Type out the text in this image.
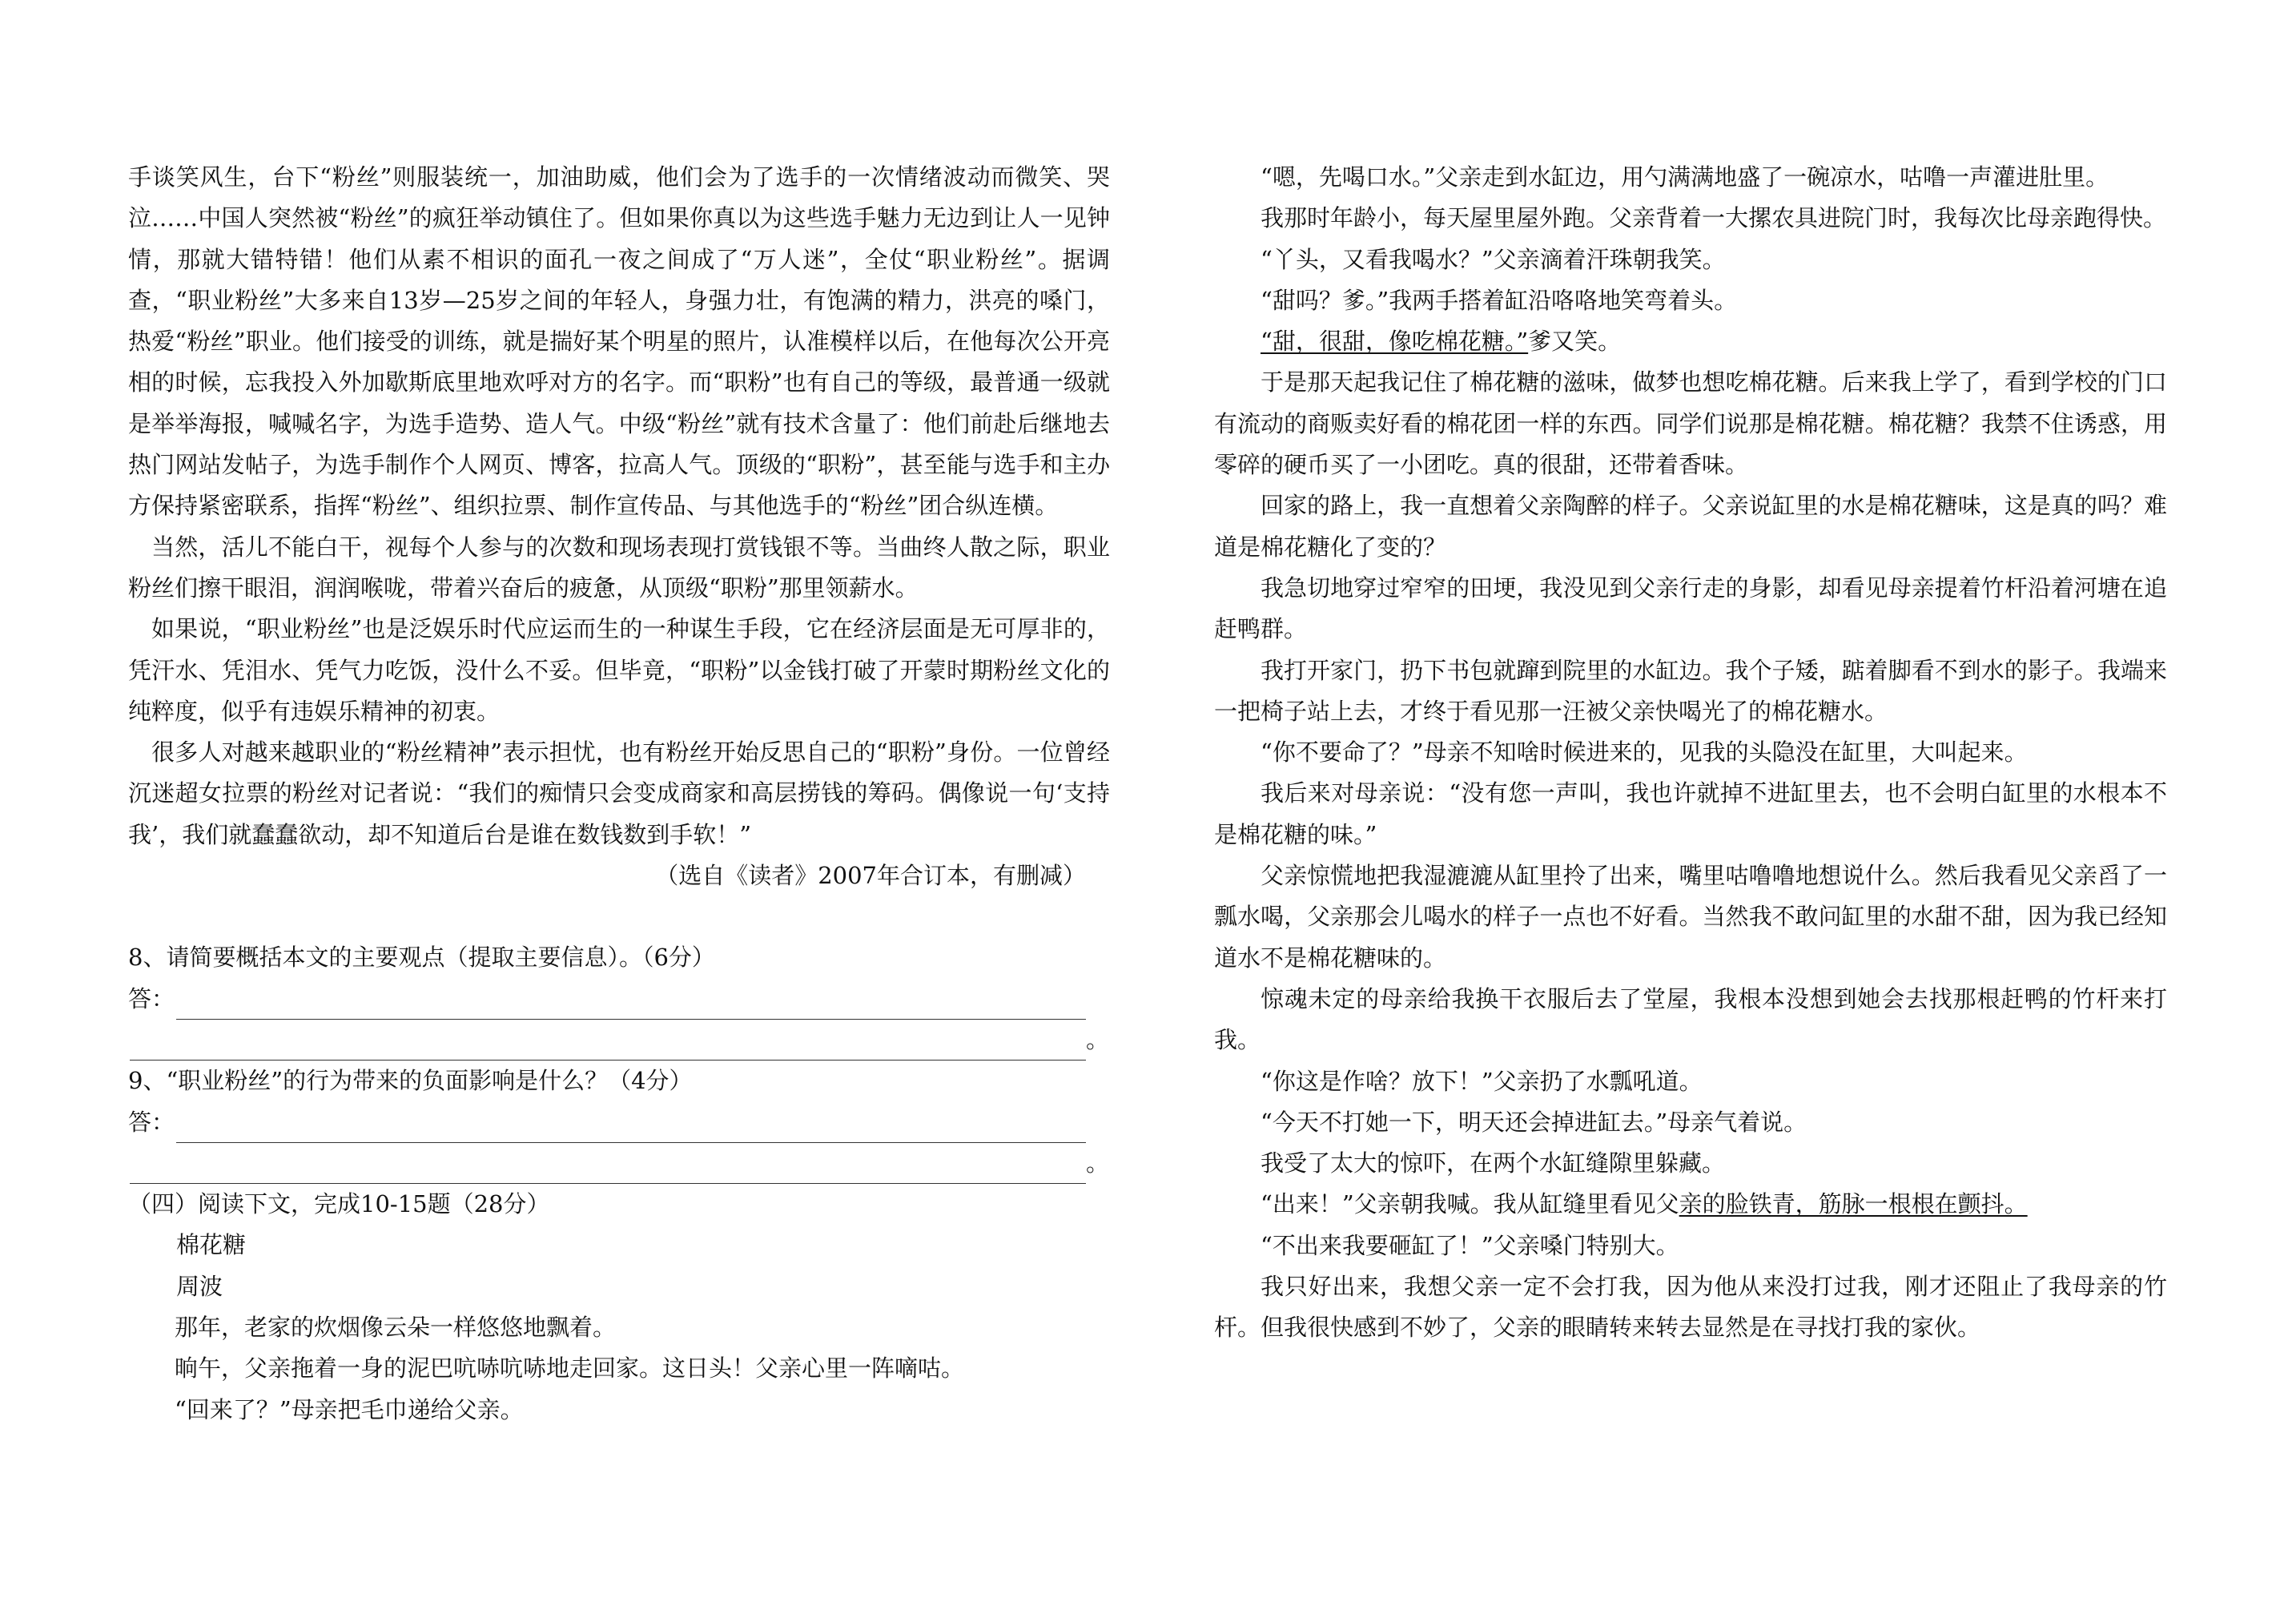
手谈笑风生，台下“粉丝”则服装统一，加油助威，他们会为了选手的一次情绪波动而微笑、哭泣……中国人突然被“粉丝”的疯狂举动镇住了。但如果你真以为这些选手魅力无边到让人一见钟情，那就大错特错！他们从素不相识的面孔一夜之间成了“万人迷”，全仗“职业粉丝”。据调查，“职业粉丝”大多来自13岁—25岁之间的年轻人，身强力壮，有饱满的精力，洪亮的嗓门，热爱“粉丝”职业。他们接受的训练，就是揣好某个明星的照片，认准模样以后，在他每次公开亮相的时候，忘我投入外加歇斯底里地欢呼对方的名字。而“职粉”也有自己的等级，最普通一级就是举举海报，喊喊名字，为选手造势、造人气。中级“粉丝”就有技术含量了：他们前赴后继地去热门网站发帖子，为选手制作个人网页、博客，拉高人气。顶级的“职粉”，甚至能与选手和主办方保持紧密联系，指挥“粉丝”、组织拉票、制作宣传品、与其他选手的“粉丝”团合纵连横。

当然，活儿不能白干，视每个人参与的次数和现场表现打赏钱银不等。当曲终人散之际，职业粉丝们擦干眼泪，润润喉咙，带着兴奋后的疲惫，从顶级“职粉”那里领薪水。

如果说，“职业粉丝”也是泛娱乐时代应运而生的一种谋生手段，它在经济层面是无可厚非的，凭汗水、凭泪水、凭气力吃饭，没什么不妥。但毕竟，“职粉”以金钱打破了开蒙时期粉丝文化的纯粹度，似乎有违娱乐精神的初衷。

很多人对越来越职业的“粉丝精神”表示担忧，也有粉丝开始反思自己的“职粉”身份。一位曾经沉迷超女拉票的粉丝对记者说：“我们的痴情只会变成商家和高层捞钱的筹码。偶像说一句‘支持我’，我们就蠢蠢欲动，却不知道后台是谁在数钱数到手软！”

（选自《读者》2007年合订本，有删减）

8、请简要概括本文的主要观点（提取主要信息）。（6分）

答：
。

9、“职业粉丝”的行为带来的负面影响是什么？（4分）

答：
。

（四）阅读下文，完成10-15题（28分）

棉花糖

周波

那年，老家的炊烟像云朵一样悠悠地飘着。

晌午，父亲拖着一身的泥巴吭哧吭哧地走回家。这日头！父亲心里一阵嘀咕。

“回来了？”母亲把毛巾递给父亲。

“嗯，先喝口水。”父亲走到水缸边，用勺满满地盛了一碗凉水，咕噜一声灌进肚里。

我那时年龄小，每天屋里屋外跑。父亲背着一大摞农具进院门时，我每次比母亲跑得快。

“丫头，又看我喝水？”父亲滴着汗珠朝我笑。

“甜吗？爹。”我两手搭着缸沿咯咯地笑弯着头。

“甜，很甜，像吃棉花糖。”爹又笑。

于是那天起我记住了棉花糖的滋味，做梦也想吃棉花糖。后来我上学了，看到学校的门口有流动的商贩卖好看的棉花团一样的东西。同学们说那是棉花糖。棉花糖？我禁不住诱惑，用零碎的硬币买了一小团吃。真的很甜，还带着香味。

回家的路上，我一直想着父亲陶醉的样子。父亲说缸里的水是棉花糖味，这是真的吗？难道是棉花糖化了变的？

我急切地穿过窄窄的田埂，我没见到父亲行走的身影，却看见母亲提着竹杆沿着河塘在追赶鸭群。

我打开家门，扔下书包就蹿到院里的水缸边。我个子矮，踮着脚看不到水的影子。我端来一把椅子站上去，才终于看见那一汪被父亲快喝光了的棉花糖水。

“你不要命了？”母亲不知啥时候进来的，见我的头隐没在缸里，大叫起来。

我后来对母亲说：“没有您一声叫，我也许就掉不进缸里去，也不会明白缸里的水根本不是棉花糖的味。”

父亲惊慌地把我湿漉漉从缸里拎了出来，嘴里咕噜噜地想说什么。然后我看见父亲舀了一瓢水喝，父亲那会儿喝水的样子一点也不好看。当然我不敢问缸里的水甜不甜，因为我已经知道水不是棉花糖味的。

惊魂未定的母亲给我换干衣服后去了堂屋，我根本没想到她会去找那根赶鸭的竹杆来打我。

“你这是作啥？放下！”父亲扔了水瓢吼道。

“今天不打她一下，明天还会掉进缸去。”母亲气着说。

我受了太大的惊吓，在两个水缸缝隙里躲藏。

“出来！”父亲朝我喊。我从缸缝里看见父亲的脸铁青，筋脉一根根在颤抖。

“不出来我要砸缸了！”父亲嗓门特别大。

我只好出来，我想父亲一定不会打我，因为他从来没打过我，刚才还阻止了我母亲的竹杆。但我很快感到不妙了，父亲的眼睛转来转去显然是在寻找打我的家伙。
